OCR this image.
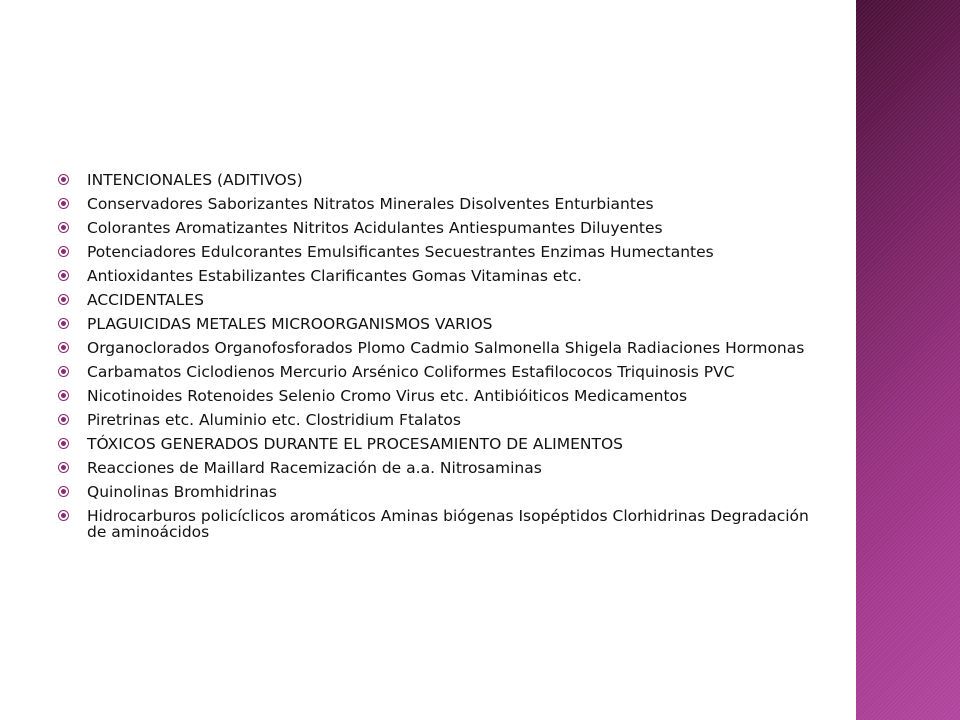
INTENCIONALES (ADITIVOS)
Conservadores Saborizantes Nitratos Minerales Disolventes Enturbiantes
Colorantes Aromatizantes Nitritos Acidulantes Antiespumantes Diluyentes
Potenciadores Edulcorantes Emulsificantes Secuestrantes Enzimas Humectantes
Antioxidantes Estabilizantes Clarificantes Gomas Vitaminas etc.
ACCIDENTALES
PLAGUICIDAS METALES MICROORGANISMOS VARIOS
Organoclorados Organofosforados Plomo Cadmio Salmonella Shigela Radiaciones Hormonas
Carbamatos Ciclodienos Mercurio Arsénico Coliformes Estafilococos Triquinosis PVC
Nicotinoides Rotenoides Selenio Cromo Virus etc. Antibióiticos Medicamentos
Piretrinas etc. Aluminio etc. Clostridium Ftalatos
TÓXICOS GENERADOS DURANTE EL PROCESAMIENTO DE ALIMENTOS
Reacciones de Maillard Racemización de a.a. Nitrosaminas
Quinolinas Bromhidrinas
Hidrocarburos policíclicos aromáticos Aminas biógenas Isopéptidos Clorhidrinas Degradación de aminoácidos
